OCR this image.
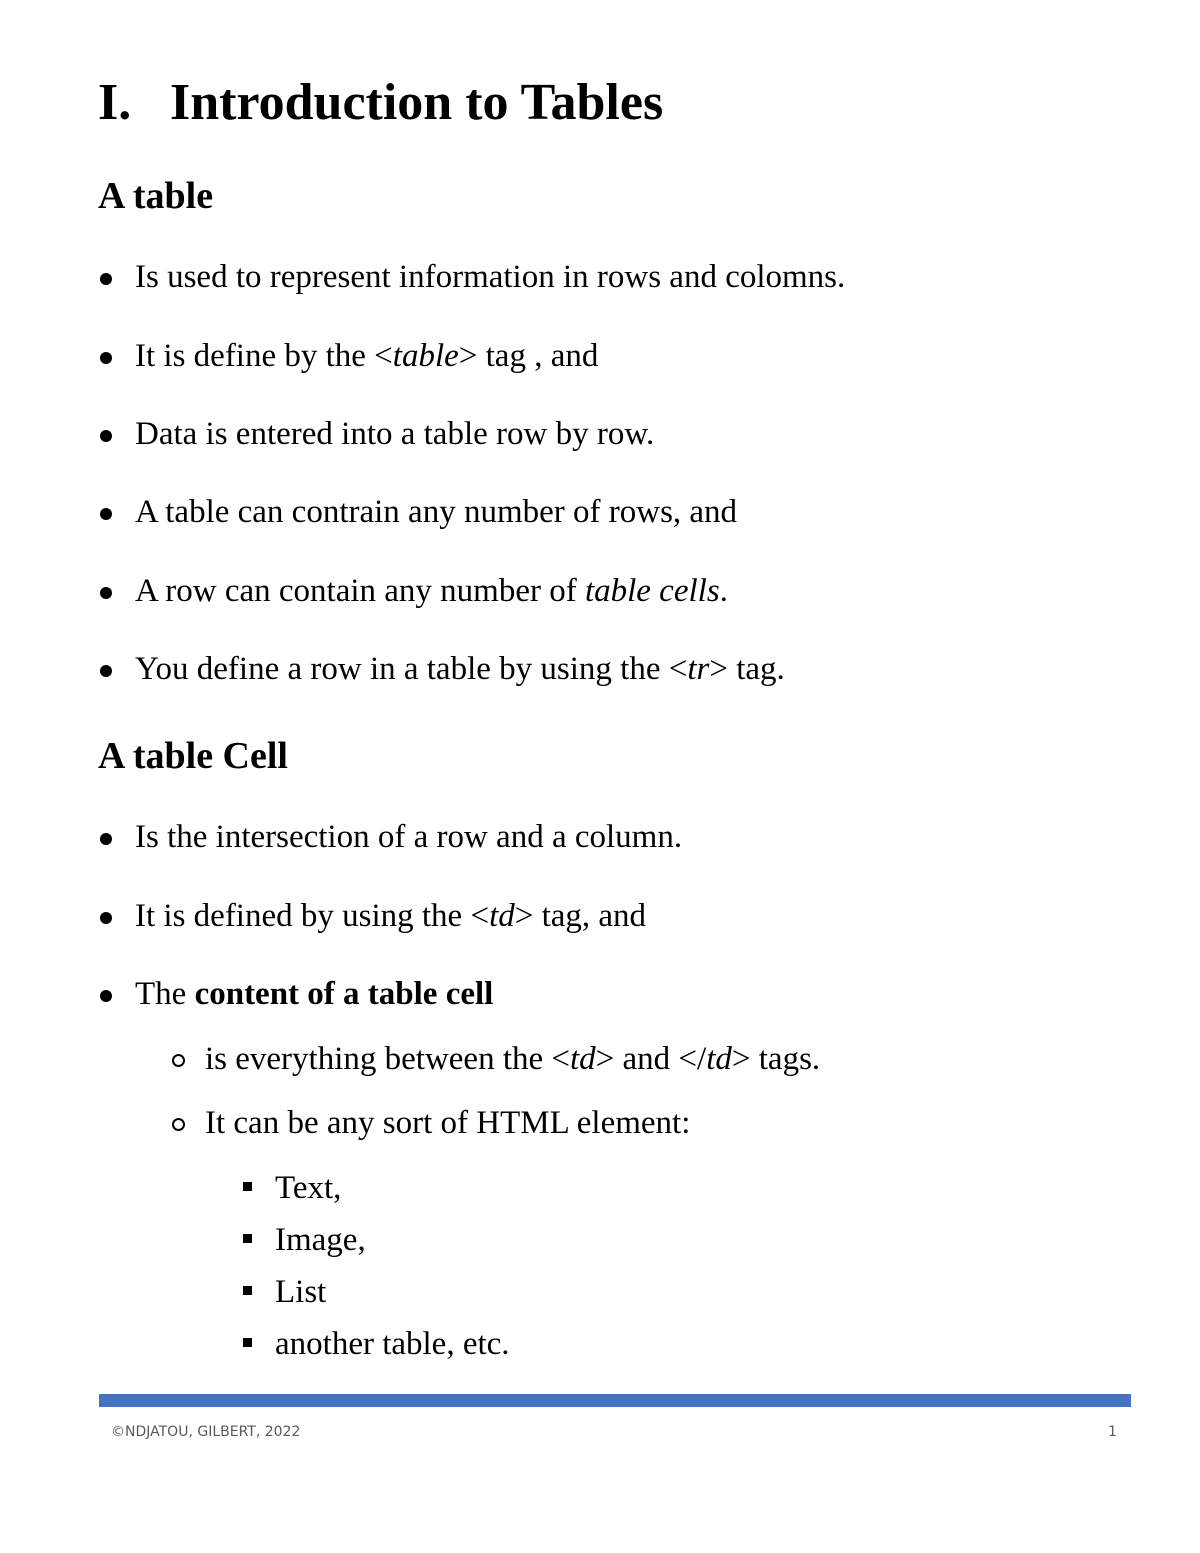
I. Introduction to Tables
A table
Is used to represent information in rows and colomns.
It is define by the <table> tag , and
Data is entered into a table row by row.
A table can contrain any number of rows, and
A row can contain any number of table cells.
You define a row in a table by using the <tr> tag.
A table Cell
Is the intersection of a row and a column.
It is defined by using the <td> tag, and
The content of a table cell
is everything between the <td> and </td> tags.
It can be any sort of HTML element:
Text,
Image,
List
another table, etc.
©NDJATOU, GILBERT, 2022	1
